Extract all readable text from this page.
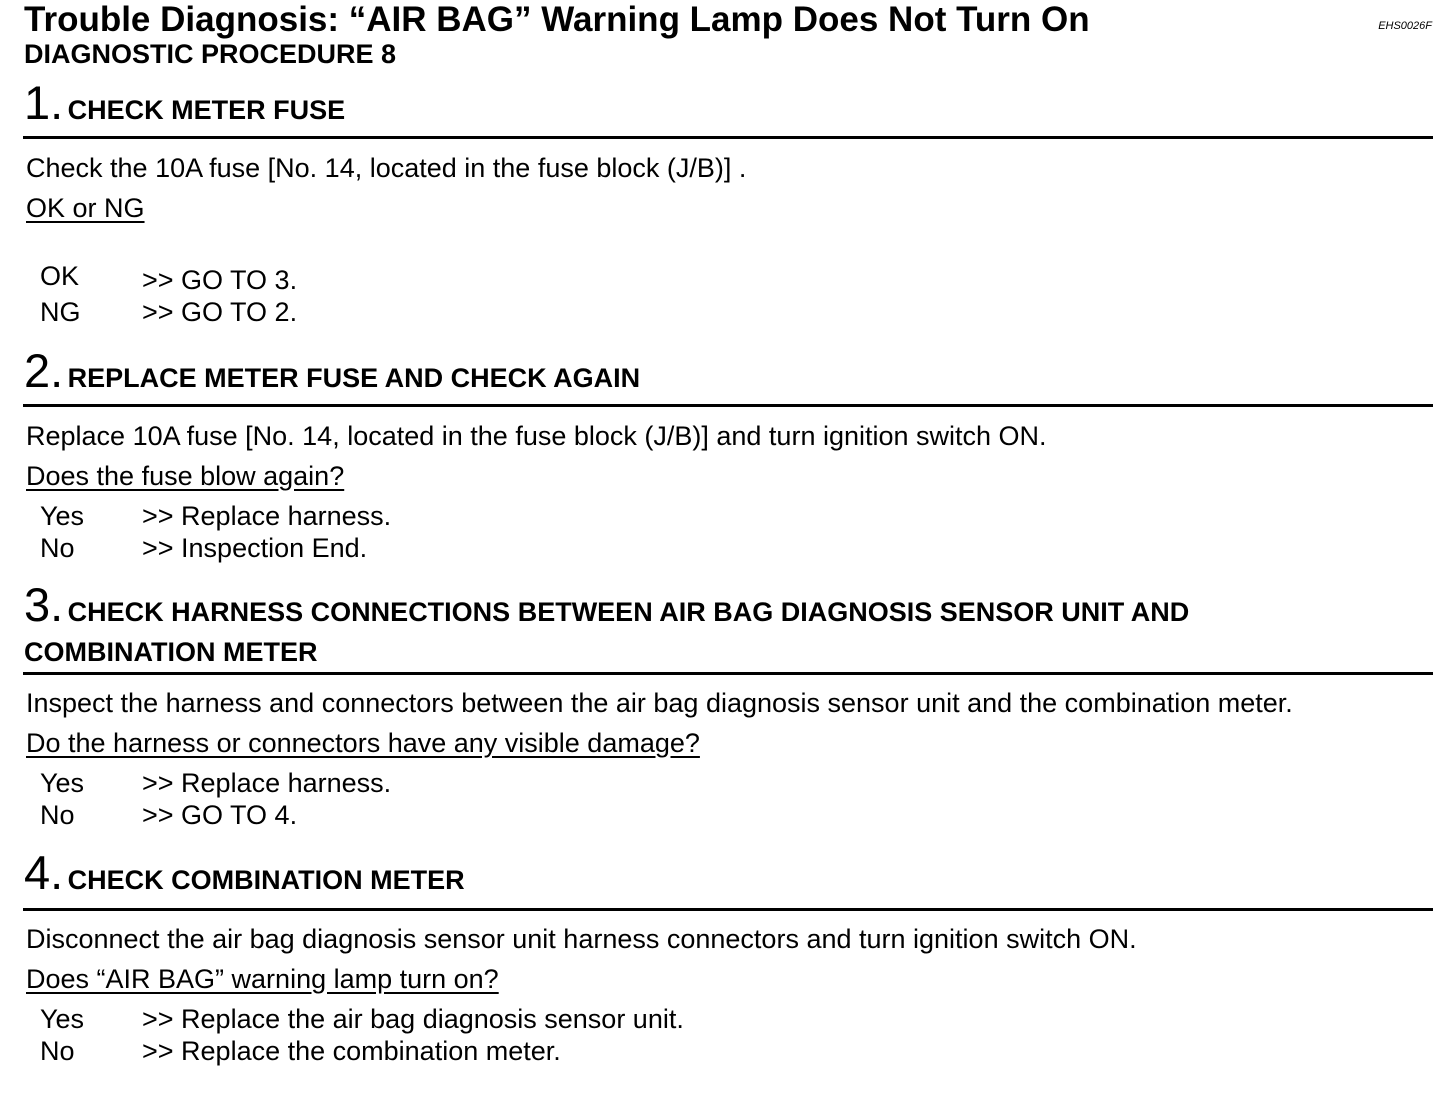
Trouble Diagnosis: “AIR BAG” Warning Lamp Does Not Turn On	EHS0026F
DIAGNOSTIC PROCEDURE 8
1. CHECK METER FUSE
Check the 10A fuse [No. 14, located in the fuse block (J/B)] .
OK or NG
OK >> GO TO 3.
NG >> GO TO 2.
2. REPLACE METER FUSE AND CHECK AGAIN
Replace 10A fuse [No. 14, located in the fuse block (J/B)] and turn ignition switch ON.
Does the fuse blow again?
Yes >> Replace harness.
No >> Inspection End.
3. CHECK HARNESS CONNECTIONS BETWEEN AIR BAG DIAGNOSIS SENSOR UNIT AND
COMBINATION METER
Inspect the harness and connectors between the air bag diagnosis sensor unit and the combination meter.
Do the harness or connectors have any visible damage?
Yes >> Replace harness.
No >> GO TO 4.
4. CHECK COMBINATION METER
Disconnect the air bag diagnosis sensor unit harness connectors and turn ignition switch ON.
Does “AIR BAG” warning lamp turn on?
Yes >> Replace the air bag diagnosis sensor unit.
No >> Replace the combination meter.
